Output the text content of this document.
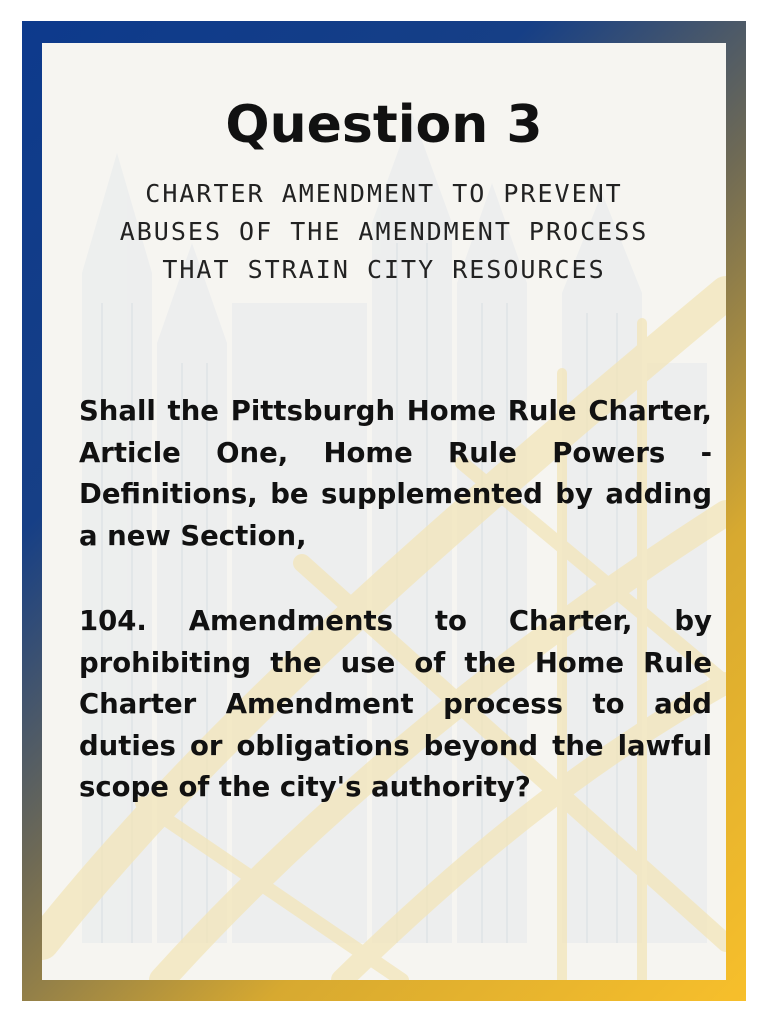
Question 3

CHARTER AMENDMENT TO PREVENT ABUSES OF THE AMENDMENT PROCESS THAT STRAIN CITY RESOURCES

Shall the Pittsburgh Home Rule Charter, Article One, Home Rule Powers - Definitions, be supplemented by adding a new Section,

104. Amendments to Charter, by prohibiting the use of the Home Rule Charter Amendment process to add duties or obligations beyond the lawful scope of the city's authority?
